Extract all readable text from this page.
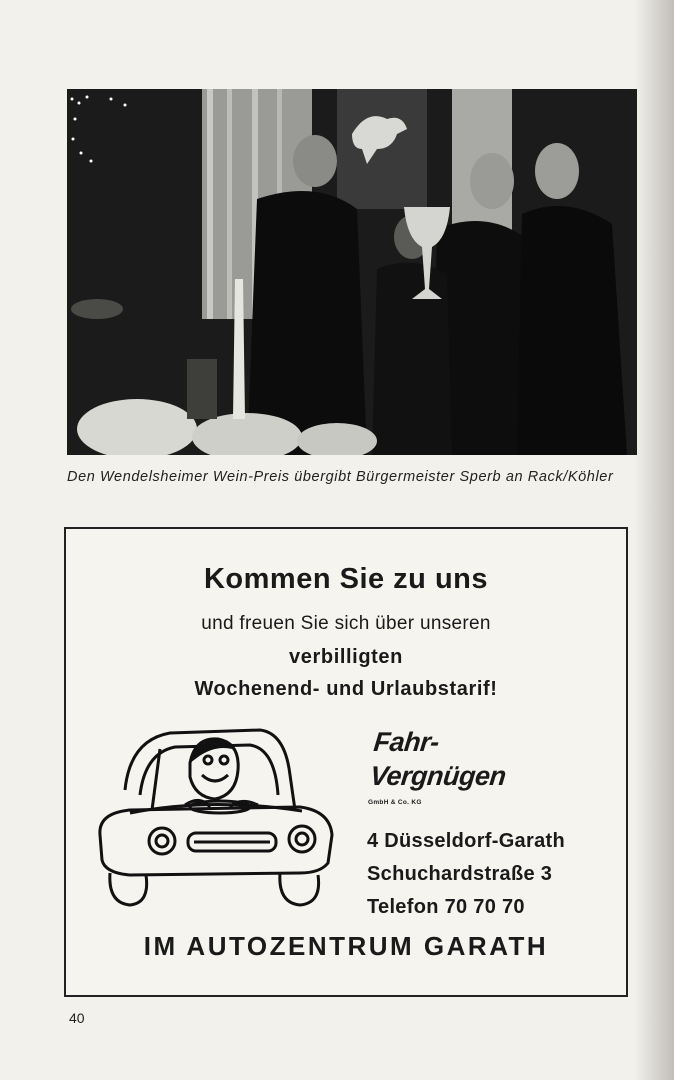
Den Wendelsheimer Wein-Preis übergibt Bürgermeister Sperb an Rack/Köhler
Kommen Sie zu uns
und freuen Sie sich über unseren
verbilligten
Wochenend- und Urlaubstarif!
Fahr-
Vergnügen
GmbH & Co. KG
4 Düsseldorf-Garath
Schuchardstraße 3
Telefon 70 70 70
IM AUTOZENTRUM GARATH
40
